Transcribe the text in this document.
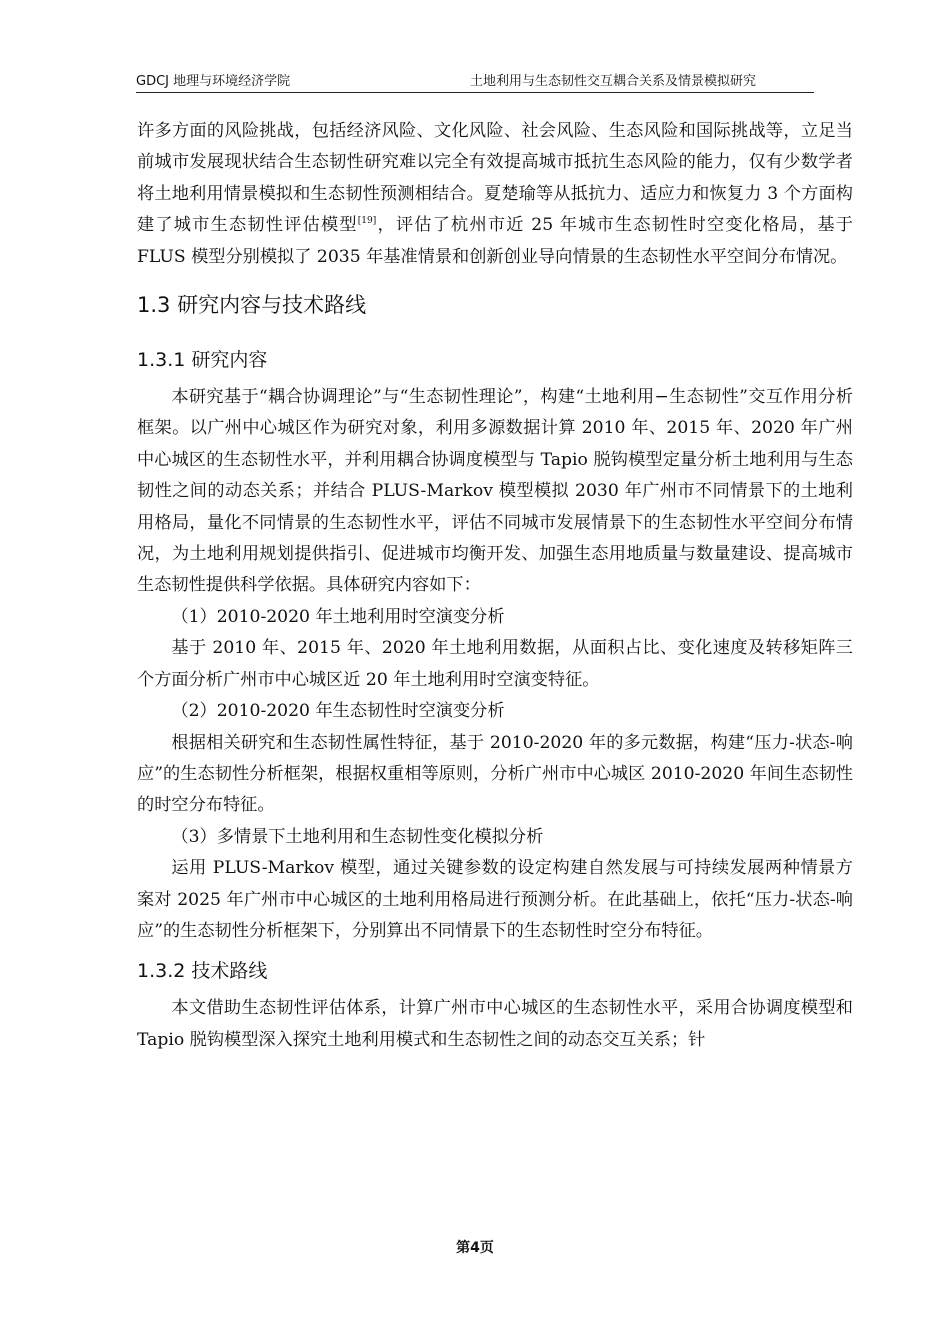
GDCJ 地理与环境经济学院	土地利用与生态韧性交互耦合关系及情景模拟研究

许多方面的风险挑战，包括经济风险、文化风险、社会风险、生态风险和国际挑战等，立足当前城市发展现状结合生态韧性研究难以完全有效提高城市抵抗生态风险的能力，仅有少数学者将土地利用情景模拟和生态韧性预测相结合。夏楚瑜等从抵抗力、适应力和恢复力 3 个方面构建了城市生态韧性评估模型[19]，评估了杭州市近 25 年城市生态韧性时空变化格局，基于 FLUS 模型分别模拟了 2035 年基准情景和创新创业导向情景的生态韧性水平空间分布情况。

1.3 研究内容与技术路线
1.3.1 研究内容

本研究基于“耦合协调理论”与“生态韧性理论”，构建“土地利用−生态韧性”交互作用分析框架。以广州中心城区作为研究对象，利用多源数据计算 2010 年、2015 年、2020 年广州中心城区的生态韧性水平，并利用耦合协调度模型与 Tapio 脱钩模型定量分析土地利用与生态韧性之间的动态关系；并结合 PLUS-Markov 模型模拟 2030 年广州市不同情景下的土地利用格局，量化不同情景的生态韧性水平，评估不同城市发展情景下的生态韧性水平空间分布情况，为土地利用规划提供指引、促进城市均衡开发、加强生态用地质量与数量建设、提高城市生态韧性提供科学依据。具体研究内容如下：

（1）2010-2020 年土地利用时空演变分析

基于 2010 年、2015 年、2020 年土地利用数据，从面积占比、变化速度及转移矩阵三个方面分析广州市中心城区近 20 年土地利用时空演变特征。

（2）2010-2020 年生态韧性时空演变分析

根据相关研究和生态韧性属性特征，基于 2010-2020 年的多元数据，构建“压力-状态-响应”的生态韧性分析框架，根据权重相等原则，分析广州市中心城区 2010-2020 年间生态韧性的时空分布特征。

（3）多情景下土地利用和生态韧性变化模拟分析

运用 PLUS-Markov 模型，通过关键参数的设定构建自然发展与可持续发展两种情景方案对 2025 年广州市中心城区的土地利用格局进行预测分析。在此基础上，依托“压力-状态-响应”的生态韧性分析框架下，分别算出不同情景下的生态韧性时空分布特征。

1.3.2 技术路线

本文借助生态韧性评估体系，计算广州市中心城区的生态韧性水平，采用合协调度模型和 Tapio 脱钩模型深入探究土地利用模式和生态韧性之间的动态交互关系；针

第4页
